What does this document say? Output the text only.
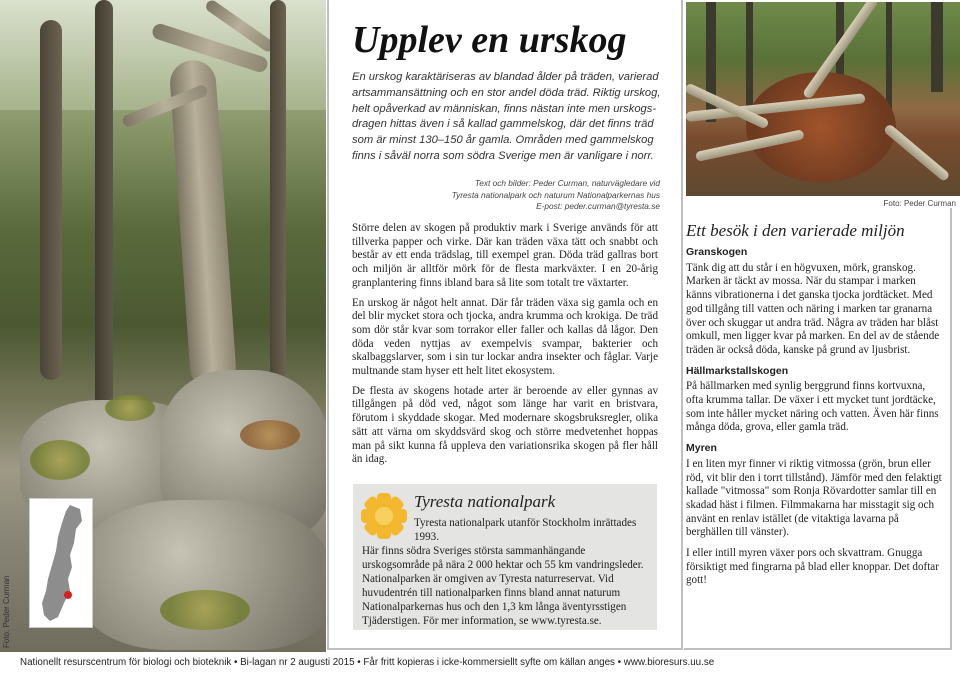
Foto: Peder Curman
Upplev en urskog

En urskog karaktäriseras av blandad ålder på träden, varierad artsammansättning och en stor andel döda träd. Riktig urskog, helt opåverkad av människan, finns nästan inte men urskogsdragen hittas även i så kallad gammelskog, där det finns träd som är minst 130–150 år gamla. Områden med gammelskog finns i såväl norra som södra Sverige men är vanligare i norr.

Text och bilder: Peder Curman, naturvägledare vid
Tyresta nationalpark och naturum Nationalparkernas hus
E-post: peder.curman@tyresta.se

Större delen av skogen på produktiv mark i Sverige används för att tillverka papper och virke. Där kan träden växa tätt och snabbt och består av ett enda trädslag, till exempel gran. Döda träd gallras bort och miljön är alltför mörk för de flesta markväxter. I en 20-årig granplantering finns ibland bara så lite som totalt tre växtarter.

En urskog är något helt annat. Där får träden växa sig gamla och en del blir mycket stora och tjocka, andra krumma och krokiga. De träd som dör står kvar som torrakor eller faller och kallas då lågor. Den döda veden nyttjas av exempelvis svampar, bakterier och skalbaggslarver, som i sin tur lockar andra insekter och fåglar. Varje multnande stam hyser ett helt litet ekosystem.

De flesta av skogens hotade arter är beroende av eller gynnas av tillgången på död ved, något som länge har varit en bristvara, förutom i skyddade skogar. Med modernare skogsbruksregler, olika sätt att värna om skyddsvärd skog och större medvetenhet hoppas man på sikt kunna få uppleva den variationsrika skogen på fler håll än idag.

Tyresta nationalpark
Tyresta nationalpark utanför Stockholm inrättades 1993.
Här finns södra Sveriges största sammanhängande urskogsområde på nära 2 000 hektar och 55 km vandringsleder. Nationalparken är omgiven av Tyresta naturreservat. Vid huvudentrén till nationalparken finns bland annat naturum Nationalparkernas hus och den 1,3 km långa äventyrsstigen Tjäderstigen. För mer information, se www.tyresta.se.
Foto: Peder Curman
Ett besök i den varierade miljön
Granskogen

Tänk dig att du står i en högvuxen, mörk, granskog. Marken är täckt av mossa. När du stampar i marken känns vibrationerna i det ganska tjocka jordtäcket. Med god tillgång till vatten och näring i marken tar granarna över och skuggar ut andra träd. Några av träden har blåst omkull, men ligger kvar på marken. En del av de stående träden är också döda, kanske på grund av ljusbrist.

Hällmarkstallskogen

På hällmarken med synlig berggrund finns kortvuxna, ofta krumma tallar. De växer i ett mycket tunt jordtäcke, som inte håller mycket näring och vatten. Även här finns många döda, grova, eller gamla träd.

Myren

I en liten myr finner vi riktig vitmossa (grön, brun eller röd, vit blir den i torrt tillstånd). Jämför med den felaktigt kallade "vitmossa" som Ronja Rövardotter samlar till en skadad häst i filmen. Filmmakarna har misstagit sig och använt en renlav istället (de vitaktiga lavarna på berghällen till vänster).

I eller intill myren växer pors och skvattram. Gnugga försiktigt med fingrarna på blad eller knoppar. Det doftar gott!

Nationellt resurscentrum för biologi och bioteknik • Bi-lagan nr 2 augusti 2015 • Får fritt kopieras i icke-kommersiellt syfte om källan anges • www.bioresurs.uu.se
